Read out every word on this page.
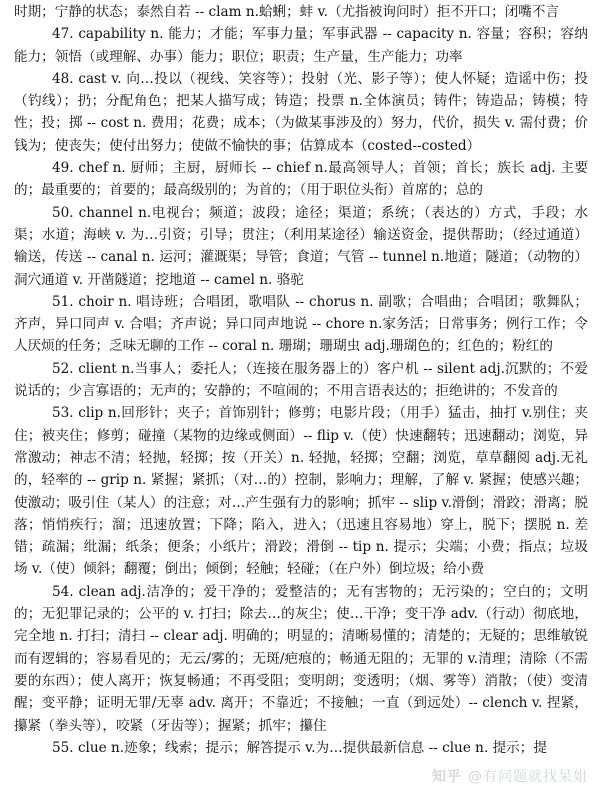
时期；宁静的状态；泰然自若 -- clam n.蛤蜊；蚌 v.（尤指被询问时）拒不开口；闭嘴不言

47. capability n. 能力；才能；军事力量；军事武器 -- capacity n. 容量；容积；容纳能力；领悟（或理解、办事）能力；职位；职责；生产量，生产能力；功率

48. cast v. 向…投以（视线、笑容等）；投射（光、影子等）；使人怀疑；造谣中伤；投（钓线）；扔；分配角色；把某人描写成；铸造；投票 n.全体演员；铸件；铸造品；铸模；特性；投；掷 -- cost n. 费用；花费；成本；（为做某事涉及的）努力，代价，损失 v. 需付费；价钱为；使丧失；使付出努力；使做不愉快的事；估算成本（costed--costed）

49. chef n. 厨师；主厨，厨师长 -- chief n.最高领导人；首领；首长；族长 adj. 主要的；最重要的；首要的；最高级别的；为首的；（用于职位头衔）首席的；总的

50. channel n.电视台；频道；波段；途径；渠道；系统；（表达的）方式，手段；水渠；水道；海峡 v. 为…引资；引导；贯注；（利用某途径）输送资金，提供帮助；（经过通道）输送，传送 -- canal n. 运河；灌溉渠；导管；食道；气管 -- tunnel n.地道；隧道；（动物的）洞穴通道 v. 开凿隧道；挖地道 -- camel n. 骆驼

51. choir n. 唱诗班；合唱团，歌唱队 -- chorus n. 副歌；合唱曲；合唱团；歌舞队；齐声，异口同声 v. 合唱；齐声说；异口同声地说 -- chore n.家务活；日常事务；例行工作；令人厌烦的任务；乏味无聊的工作 -- coral n. 珊瑚；珊瑚虫 adj.珊瑚色的；红色的；粉红的

52. client n.当事人；委托人；（连接在服务器上的）客户机 -- silent adj.沉默的；不爱说话的；少言寡语的；无声的；安静的；不喧闹的；不用言语表达的；拒绝讲的；不发音的

53. clip n.回形针；夹子；首饰别针；修剪；电影片段；（用手）猛击，抽打 v.别住；夹住；被夹住；修剪；碰撞（某物的边缘或侧面）-- flip v.（使）快速翻转；迅速翻动；浏览，异常激动；神志不清；轻抛，轻掷；按（开关）n. 轻抛，轻掷；空翻；浏览，草草翻阅 adj.无礼的，轻率的 -- grip n. 紧握；紧抓；（对…的）控制，影响力；理解，了解 v. 紧握；使感兴趣；使激动；吸引住（某人）的注意；对…产生强有力的影响；抓牢 -- slip v.滑倒；滑跤；滑离；脱落；悄悄疾行；溜；迅速放置；下降；陷入，进入；（迅速且容易地）穿上，脱下；摆脱 n. 差错；疏漏；纰漏；纸条；便条；小纸片；滑跤；滑倒 -- tip n. 提示；尖端；小费；指点；垃圾场 v.（使）倾斜；翻覆；倒出；倾倒；轻触；轻碰；（在户外）倒垃圾；给小费

54. clean adj.洁净的；爱干净的；爱整洁的；无有害物的；无污染的；空白的；文明的；无犯罪记录的；公平的 v. 打扫；除去…的灰尘；使…干净；变干净 adv.（行动）彻底地，完全地 n. 打扫；清扫 -- clear adj. 明确的；明显的；清晰易懂的；清楚的；无疑的；思维敏锐而有逻辑的；容易看见的；无云/雾的；无斑/疤痕的；畅通无阻的；无罪的 v.清理；清除（不需要的东西）；使人离开；恢复畅通；不再受阻；变明朗；变透明；（烟、雾等）消散；（使）变清醒；变平静；证明无罪/无辜 adv. 离开；不靠近；不接触；一直（到远处）-- clench v. 捏紧，攥紧（拳头等），咬紧（牙齿等）；握紧；抓牢；攥住

55. clue n.迹象；线索；提示；解答提示 v.为…提供最新信息 -- clue n. 提示；提

知乎 @有问题就找呆姐
